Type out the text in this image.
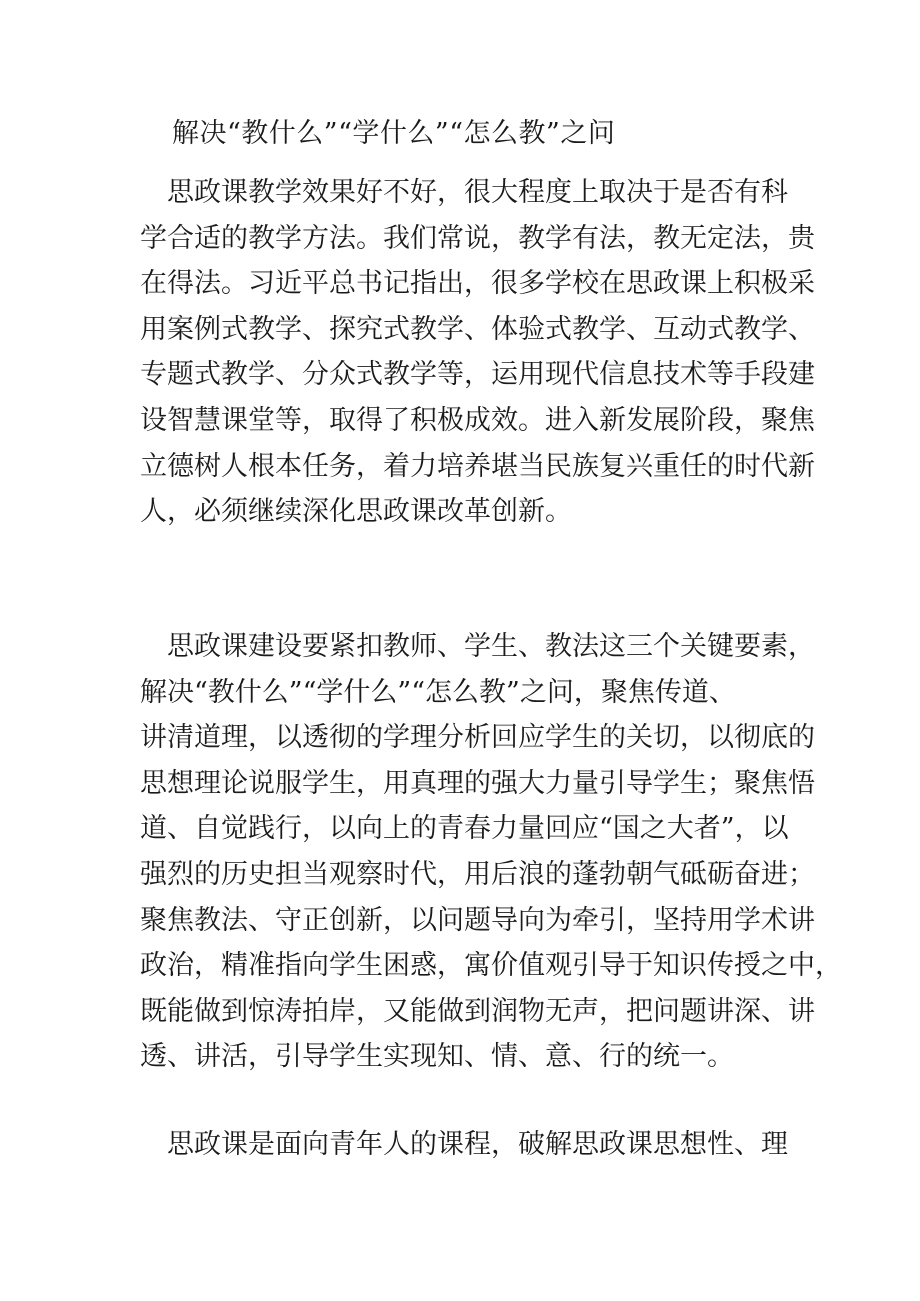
解决“教什么”“学什么”“怎么教”之问
　思政课教学效果好不好，很大程度上取决于是否有科
学合适的教学方法。我们常说，教学有法，教无定法，贵
在得法。习近平总书记指出，很多学校在思政课上积极采
用案例式教学、探究式教学、体验式教学、互动式教学、
专题式教学、分众式教学等，运用现代信息技术等手段建
设智慧课堂等，取得了积极成效。进入新发展阶段，聚焦
立德树人根本任务，着力培养堪当民族复兴重任的时代新
人，必须继续深化思政课改革创新。
　思政课建设要紧扣教师、学生、教法这三个关键要素，
解决“教什么”“学什么”“怎么教”之问，聚焦传道、
讲清道理，以透彻的学理分析回应学生的关切，以彻底的
思想理论说服学生，用真理的强大力量引导学生；聚焦悟
道、自觉践行，以向上的青春力量回应“国之大者”，以
强烈的历史担当观察时代，用后浪的蓬勃朝气砥砺奋进；
聚焦教法、守正创新，以问题导向为牵引，坚持用学术讲
政治，精准指向学生困惑，寓价值观引导于知识传授之中，
既能做到惊涛拍岸，又能做到润物无声，把问题讲深、讲
透、讲活，引导学生实现知、情、意、行的统一。
　思政课是面向青年人的课程，破解思政课思想性、理
